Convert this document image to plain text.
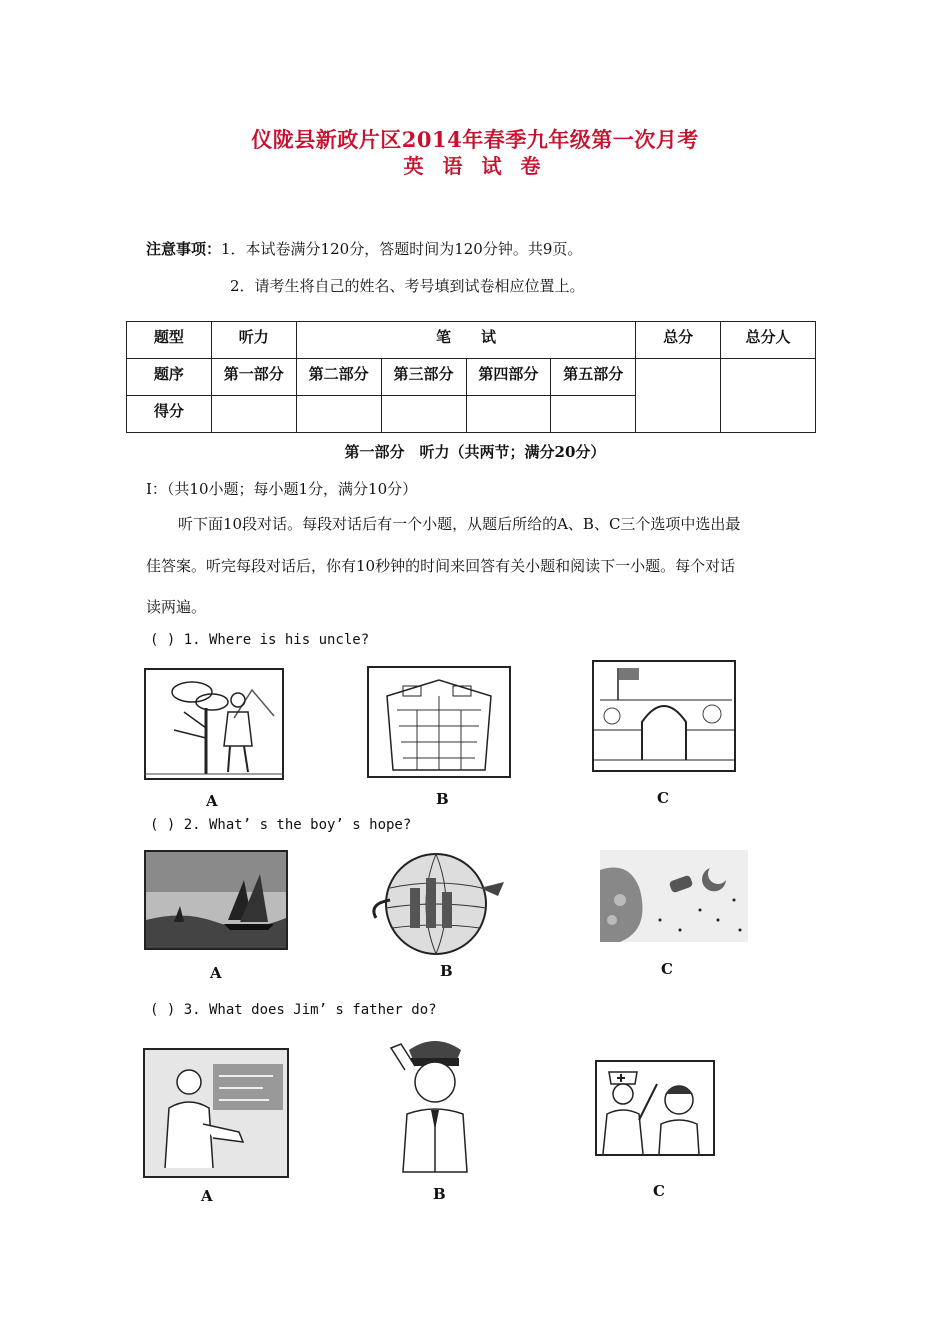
仪陇县新政片区2014年春季九年级第一次月考
英 语 试 卷
注意事项：1．本试卷满分120分，答题时间为120分钟。共9页。
2．请考生将自己的姓名、考号填到试卷相应位置上。
题型	听力	笔　　试				总分	总分人
题序	第一部分	第二部分	第三部分	第四部分	第五部分		
得分							
第一部分　听力（共两节；满分20分）
I：（共10小题；每小题1分，满分10分）
听下面10段对话。每段对话后有一个小题，从题后所给的A、B、C三个选项中选出最
佳答案。听完每段对话后，你有10秒钟的时间来回答有关小题和阅读下一小题。每个对话
读两遍。
( ) 1. Where is his uncle?
A	B	C
( ) 2. What’ s the boy’ s hope?
A	B	C
( ) 3. What does Jim’ s father do?
A	B	C
